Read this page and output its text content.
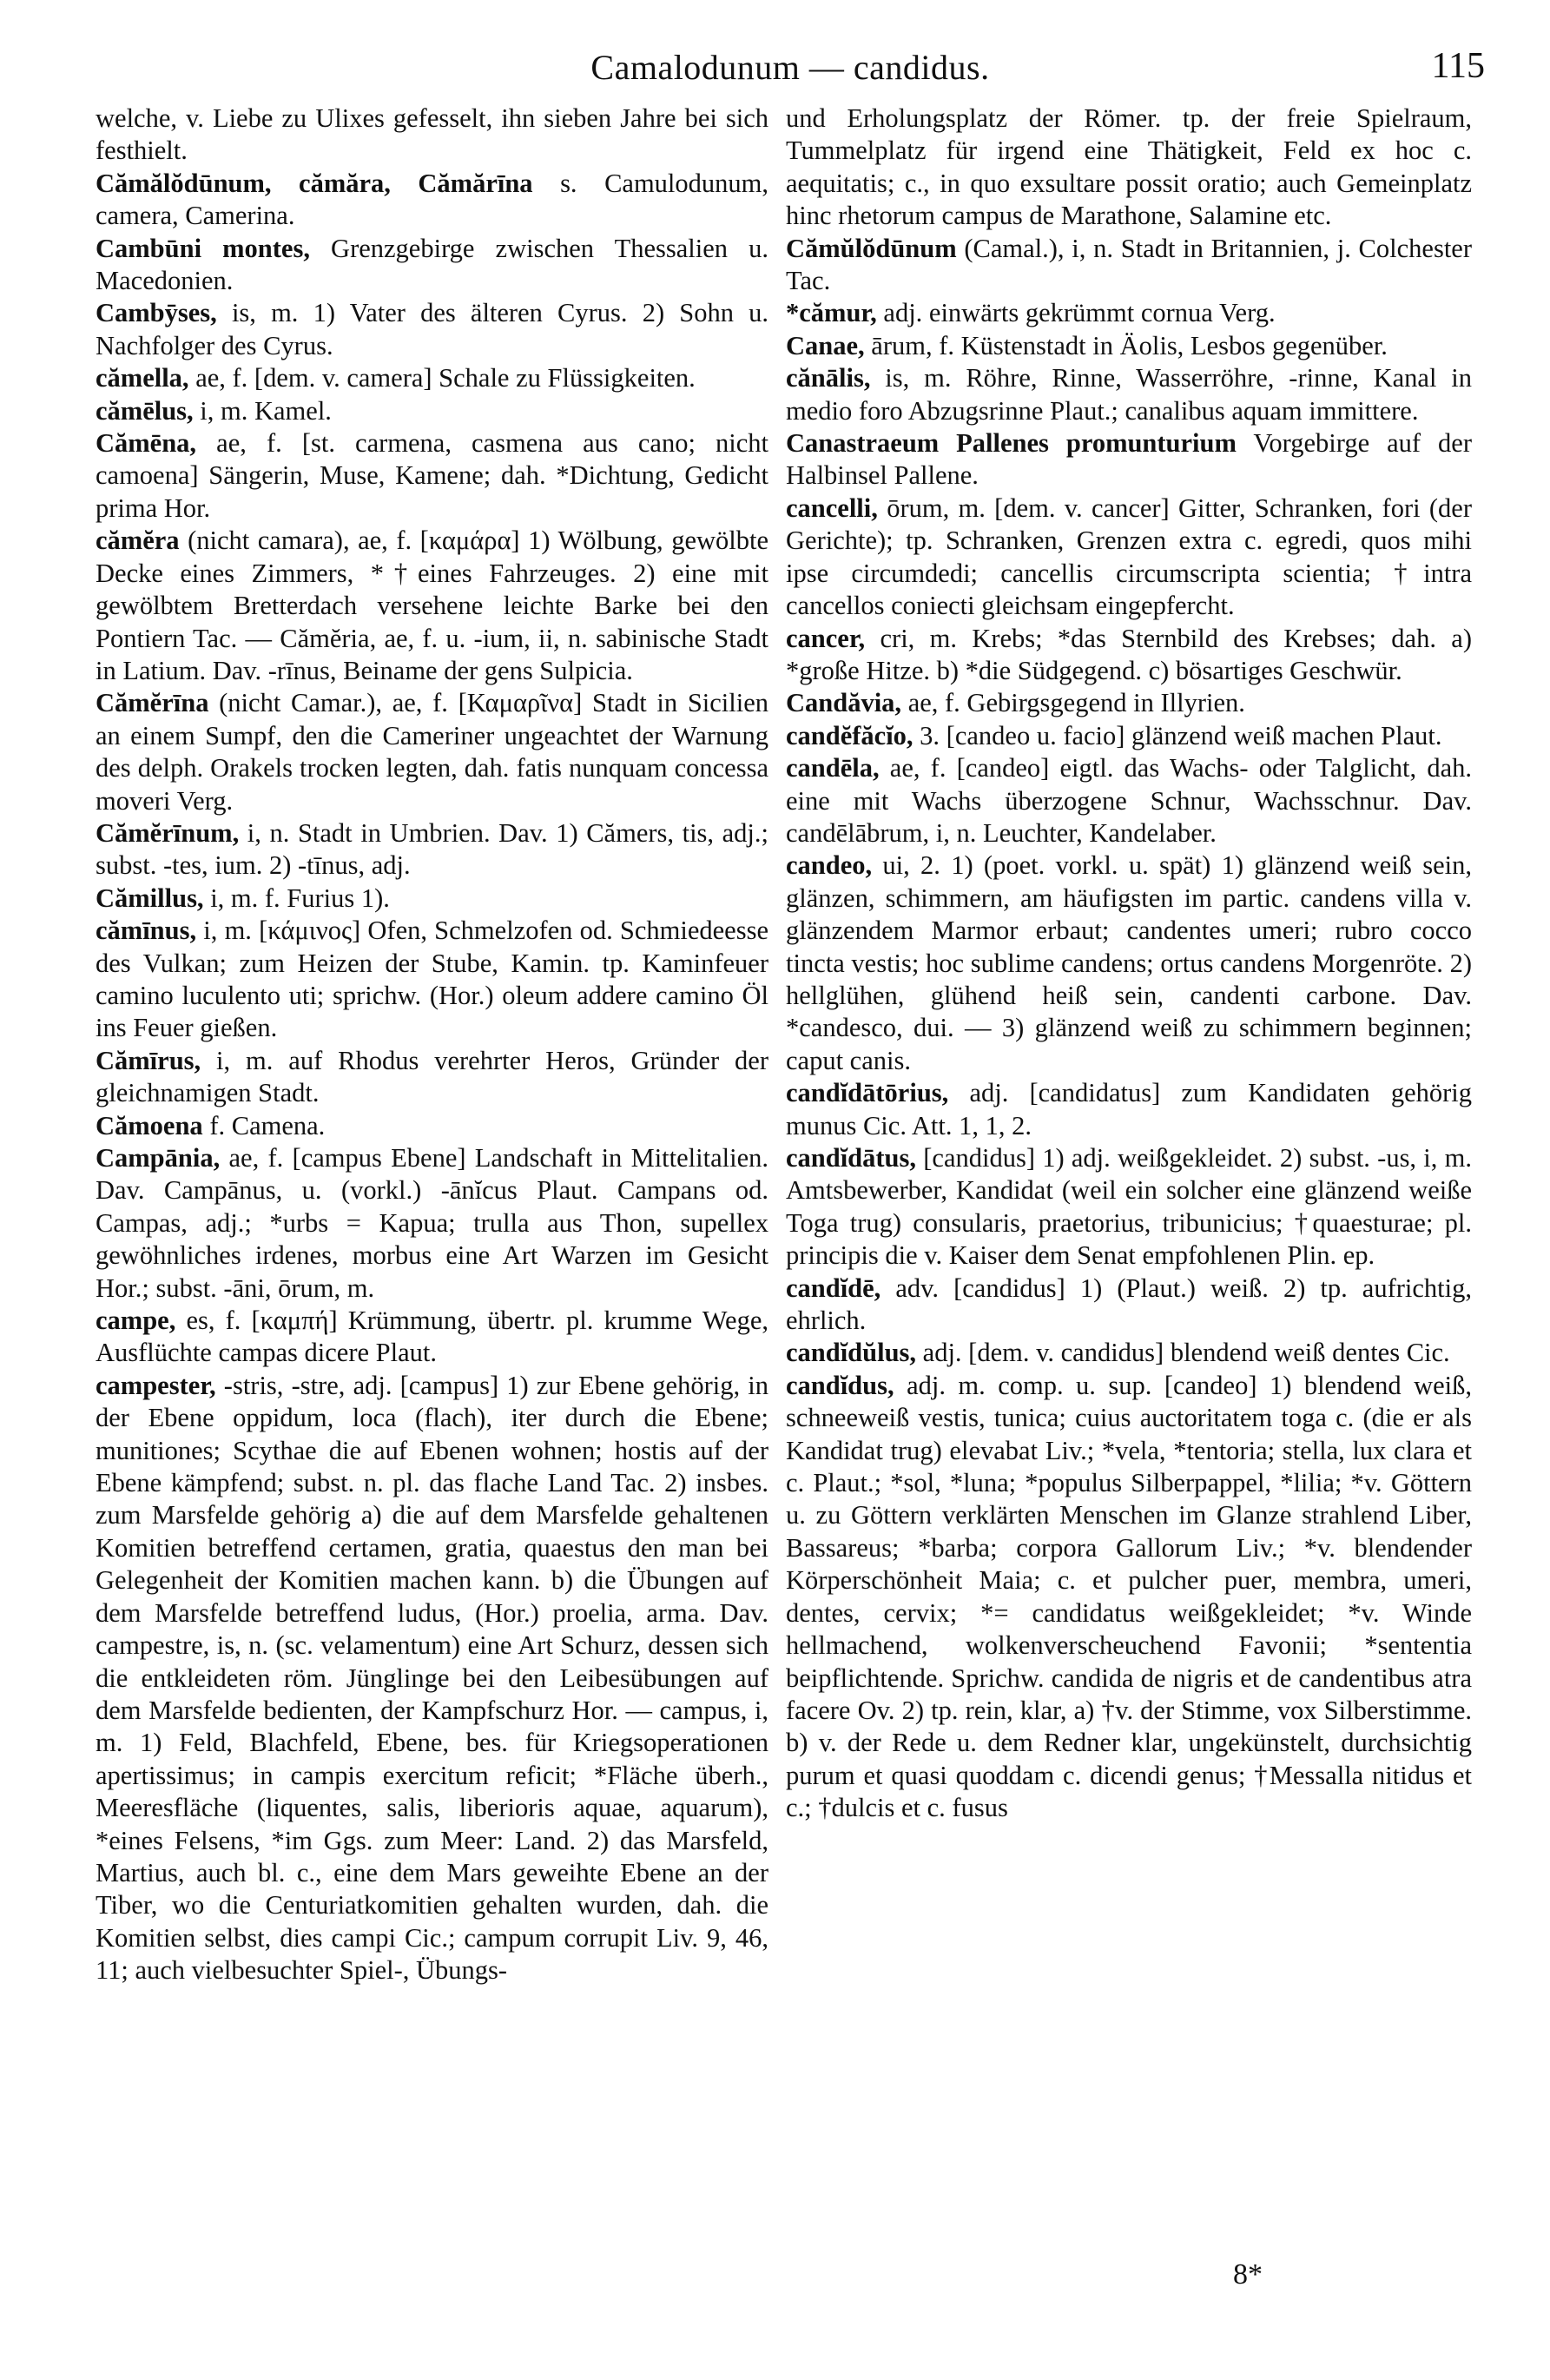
Camalodunum — candidus.	115

welche, v. Liebe zu Ulixes gefesselt, ihn sieben Jahre bei sich festhielt.

Cămălŏdūnum, cămăra, Cămărīna s. Camulodunum, camera, Camerina.

Cambūni montes, Grenzgebirge zwischen Thessalien u. Macedonien.

Cambȳses, is, m. 1) Vater des älteren Cyrus. 2) Sohn u. Nachfolger des Cyrus.

cămella, ae, f. [dem. v. camera] Schale zu Flüssigkeiten.

cămēlus, i, m. Kamel.

Cămēna, ae, f. [st. carmena, casmena aus cano; nicht camoena] Sängerin, Muse, Kamene; dah. *Dichtung, Gedicht prima Hor.

cămĕra (nicht camara), ae, f. [καμάρα] 1) Wölbung, gewölbte Decke eines Zimmers, *†eines Fahrzeuges. 2) eine mit gewölbtem Bretterdach versehene leichte Barke bei den Pontiern Tac. — Cămĕria, ae, f. u. -ium, ii, n. sabinische Stadt in Latium. Dav. -rīnus, Beiname der gens Sulpicia.

Cămĕrīna (nicht Camar.), ae, f. [Καμαρῖνα] Stadt in Sicilien an einem Sumpf, den die Cameriner ungeachtet der Warnung des delph. Orakels trocken legten, dah. fatis nunquam concessa moveri Verg.

Cămĕrīnum, i, n. Stadt in Umbrien. Dav. 1) Cămers, tis, adj.; subst. -tes, ium. 2) -tīnus, adj.

Cămillus, i, m. f. Furius 1).

cămīnus, i, m. [κάμινος] Ofen, Schmelzofen od. Schmiedeesse des Vulkan; zum Heizen der Stube, Kamin. tp. Kaminfeuer camino luculento uti; sprichw. (Hor.) oleum addere camino Öl ins Feuer gießen.

Cămīrus, i, m. auf Rhodus verehrter Heros, Gründer der gleichnamigen Stadt.

Cămoena f. Camena.

Campānia, ae, f. [campus Ebene] Landschaft in Mittelitalien. Dav. Campānus, u. (vorkl.) -ānĭcus Plaut. Campans od. Campas, adj.; *urbs = Kapua; trulla aus Thon, supellex gewöhnliches irdenes, morbus eine Art Warzen im Gesicht Hor.; subst. -āni, ōrum, m.

campe, es, f. [καμπή] Krümmung, übertr. pl. krumme Wege, Ausflüchte campas dicere Plaut.

campester, -stris, -stre, adj. [campus] 1) zur Ebene gehörig, in der Ebene oppidum, loca (flach), iter durch die Ebene; munitiones; Scythae die auf Ebenen wohnen; hostis auf der Ebene kämpfend; subst. n. pl. das flache Land Tac. 2) insbes. zum Marsfelde gehörig a) die auf dem Marsfelde gehaltenen Komitien betreffend certamen, gratia, quaestus den man bei Gelegenheit der Komitien machen kann. b) die Übungen auf dem Marsfelde betreffend ludus, (Hor.) proelia, arma. Dav. campestre, is, n. (sc. velamentum) eine Art Schurz, dessen sich die entkleideten röm. Jünglinge bei den Leibesübungen auf dem Marsfelde bedienten, der Kampfschurz Hor. — campus, i, m. 1) Feld, Blachfeld, Ebene, bes. für Kriegsoperationen apertissimus; in campis exercitum reficit; *Fläche überh., Meeresfläche (liquentes, salis, liberioris aquae, aquarum), *eines Felsens, *im Ggs. zum Meer: Land. 2) das Marsfeld, Martius, auch bl. c., eine dem Mars geweihte Ebene an der Tiber, wo die Centuriatkomitien gehalten wurden, dah. die Komitien selbst, dies campi Cic.; campum corrupit Liv. 9, 46, 11; auch vielbesuchter Spiel-, Übungs-

und Erholungsplatz der Römer. tp. der freie Spielraum, Tummelplatz für irgend eine Thätigkeit, Feld ex hoc c. aequitatis; c., in quo exsultare possit oratio; auch Gemeinplatz hinc rhetorum campus de Marathone, Salamine etc.

Cămŭlŏdūnum (Camal.), i, n. Stadt in Britannien, j. Colchester Tac.

*cămur, adj. einwärts gekrümmt cornua Verg.

Canae, ārum, f. Küstenstadt in Äolis, Lesbos gegenüber.

cănālis, is, m. Röhre, Rinne, Wasserröhre, -rinne, Kanal in medio foro Abzugsrinne Plaut.; canalibus aquam immittere.

Canastraeum Pallenes promunturium Vorgebirge auf der Halbinsel Pallene.

cancelli, ōrum, m. [dem. v. cancer] Gitter, Schranken, fori (der Gerichte); tp. Schranken, Grenzen extra c. egredi, quos mihi ipse circumdedi; cancellis circumscripta scientia; †intra cancellos coniecti gleichsam eingepfercht.

cancer, cri, m. Krebs; *das Sternbild des Krebses; dah. a) *große Hitze. b) *die Südgegend. c) bösartiges Geschwür.

Candăvia, ae, f. Gebirgsgegend in Illyrien.

candĕfăcĭo, 3. [candeo u. facio] glänzend weiß machen Plaut.

candēla, ae, f. [candeo] eigtl. das Wachs- oder Talglicht, dah. eine mit Wachs überzogene Schnur, Wachsschnur. Dav. candēlābrum, i, n. Leuchter, Kandelaber.

candeo, ui, 2. 1) (poet. vorkl. u. spät) 1) glänzend weiß sein, glänzen, schimmern, am häufigsten im partic. candens villa v. glänzendem Marmor erbaut; candentes umeri; rubro cocco tincta vestis; hoc sublime candens; ortus candens Morgenröte. 2) hellglühen, glühend heiß sein, candenti carbone. Dav. *candesco, dui. — 3) glänzend weiß zu schimmern beginnen; caput canis.

candĭdātōrius, adj. [candidatus] zum Kandidaten gehörig munus Cic. Att. 1, 1, 2.

candĭdātus, [candidus] 1) adj. weißgekleidet. 2) subst. -us, i, m. Amtsbewerber, Kandidat (weil ein solcher eine glänzend weiße Toga trug) consularis, praetorius, tribunicius; †quaesturae; pl. principis die v. Kaiser dem Senat empfohlenen Plin. ep.

candĭdē, adv. [candidus] 1) (Plaut.) weiß. 2) tp. aufrichtig, ehrlich.

candĭdŭlus, adj. [dem. v. candidus] blendend weiß dentes Cic.

candĭdus, adj. m. comp. u. sup. [candeo] 1) blendend weiß, schneeweiß vestis, tunica; cuius auctoritatem toga c. (die er als Kandidat trug) elevabat Liv.; *vela, *tentoria; stella, lux clara et c. Plaut.; *sol, *luna; *populus Silberpappel, *lilia; *v. Göttern u. zu Göttern verklärten Menschen im Glanze strahlend Liber, Bassareus; *barba; corpora Gallorum Liv.; *v. blendender Körperschönheit Maia; c. et pulcher puer, membra, umeri, dentes, cervix; *= candidatus weißgekleidet; *v. Winde hellmachend, wolkenverscheuchend Favonii; *sententia beipflichtende. Sprichw. candida de nigris et de candentibus atra facere Ov. 2) tp. rein, klar, a) †v. der Stimme, vox Silberstimme. b) v. der Rede u. dem Redner klar, ungekünstelt, durchsichtig purum et quasi quoddam c. dicendi genus; †Messalla nitidus et c.; †dulcis et c. fusus

8*
